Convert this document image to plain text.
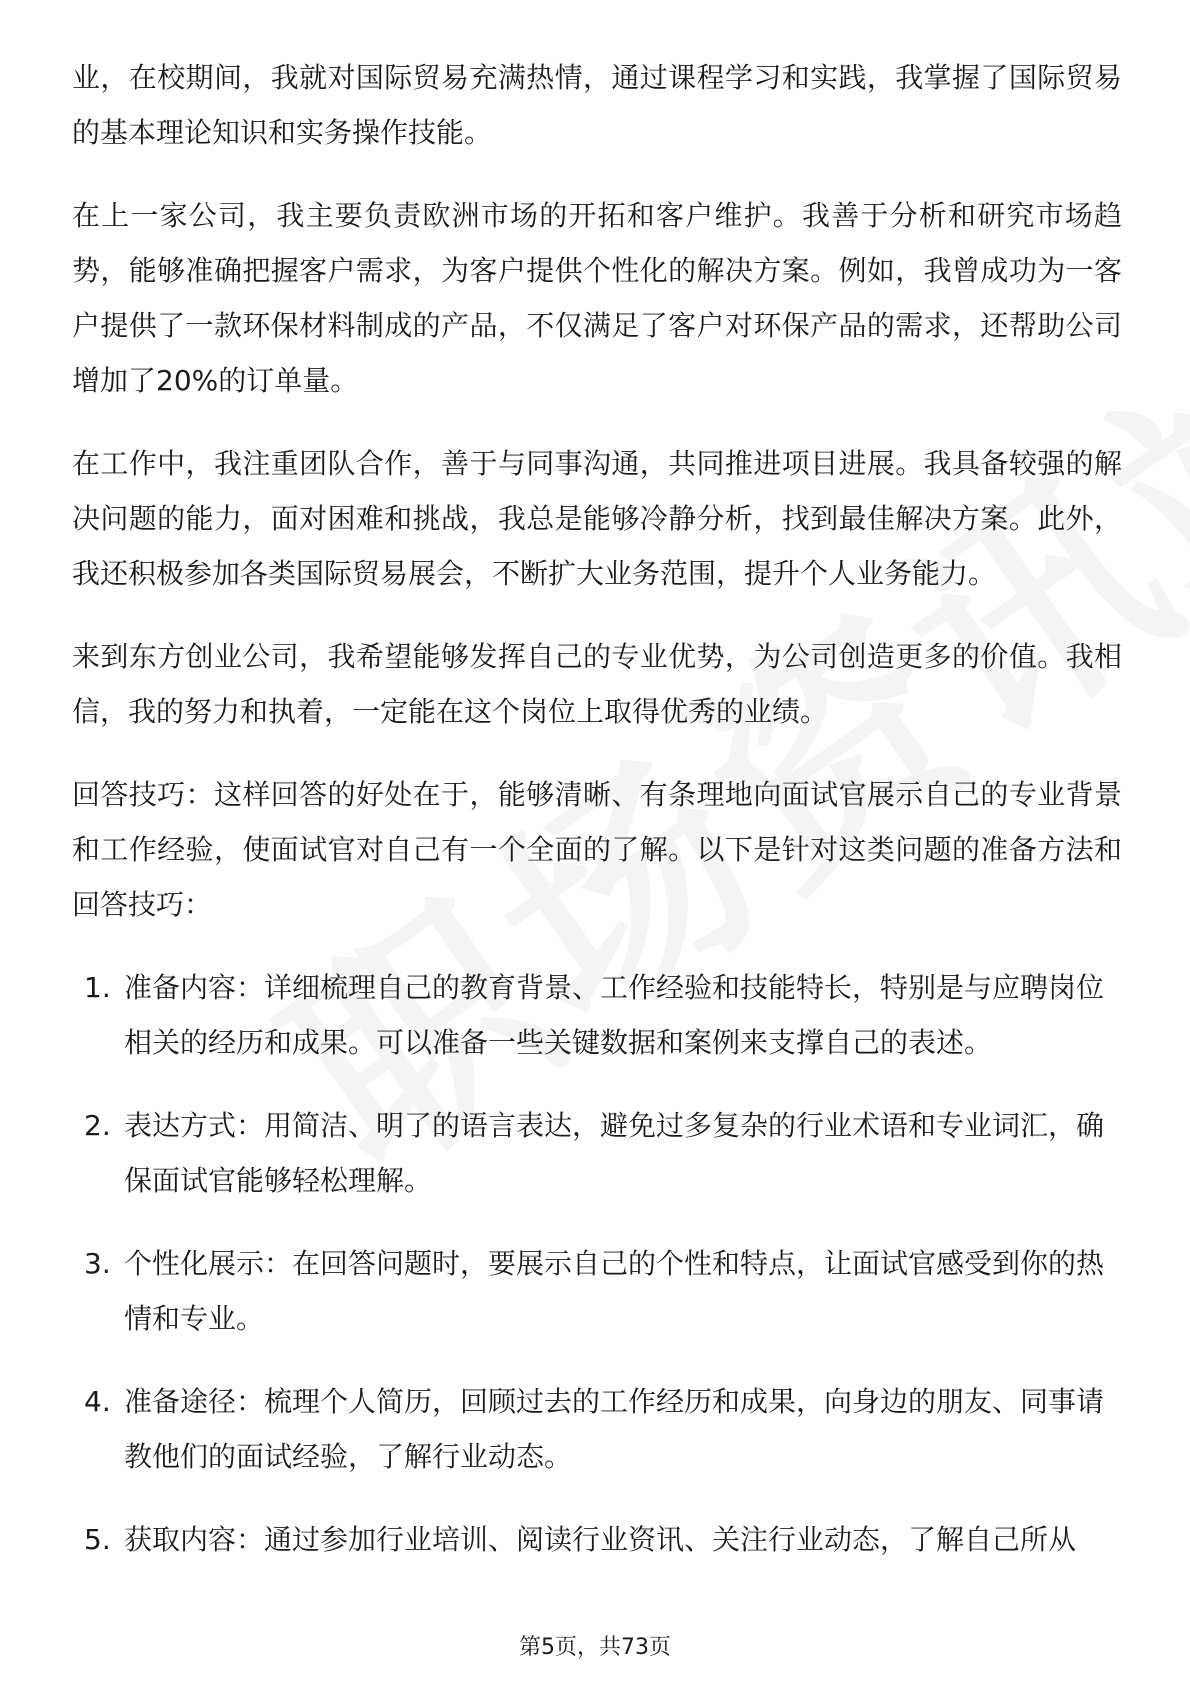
业，在校期间，我就对国际贸易充满热情，通过课程学习和实践，我掌握了国际贸易的基本理论知识和实务操作技能。

在上一家公司，我主要负责欧洲市场的开拓和客户维护。我善于分析和研究市场趋势，能够准确把握客户需求，为客户提供个性化的解决方案。例如，我曾成功为一客户提供了一款环保材料制成的产品，不仅满足了客户对环保产品的需求，还帮助公司增加了20%的订单量。

在工作中，我注重团队合作，善于与同事沟通，共同推进项目进展。我具备较强的解决问题的能力，面对困难和挑战，我总是能够冷静分析，找到最佳解决方案。此外，我还积极参加各类国际贸易展会，不断扩大业务范围，提升个人业务能力。

来到东方创业公司，我希望能够发挥自己的专业优势，为公司创造更多的价值。我相信，我的努力和执着，一定能在这个岗位上取得优秀的业绩。

回答技巧：这样回答的好处在于，能够清晰、有条理地向面试官展示自己的专业背景和工作经验，使面试官对自己有一个全面的了解。以下是针对这类问题的准备方法和回答技巧：

1. 准备内容：详细梳理自己的教育背景、工作经验和技能特长，特别是与应聘岗位相关的经历和成果。可以准备一些关键数据和案例来支撑自己的表述。
2. 表达方式：用简洁、明了的语言表达，避免过多复杂的行业术语和专业词汇，确保面试官能够轻松理解。
3. 个性化展示：在回答问题时，要展示自己的个性和特点，让面试官感受到你的热情和专业。
4. 准备途径：梳理个人简历，回顾过去的工作经历和成果，向身边的朋友、同事请教他们的面试经验，了解行业动态。
5. 获取内容：通过参加行业培训、阅读行业资讯、关注行业动态，了解自己所从
第5页，共73页
